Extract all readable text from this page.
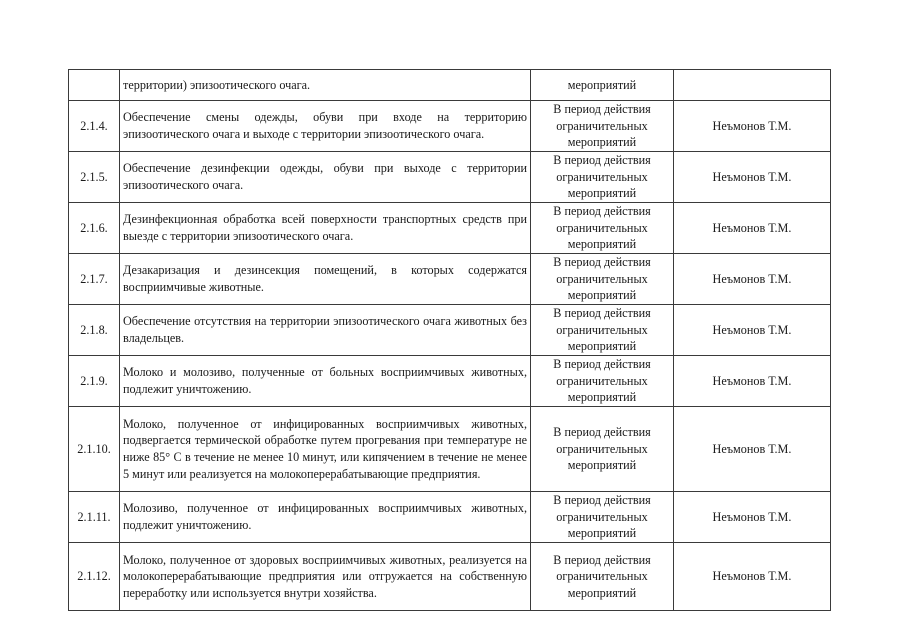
	территории) эпизоотического очага.	мероприятий	
2.1.4.	Обеспечение смены одежды, обуви при входе на территорию эпизоотического очага и выходе с территории эпизоотического очага.	В период действия ограничительных мероприятий	Неъмонов Т.М.
2.1.5.	Обеспечение дезинфекции одежды, обуви при выходе с территории эпизоотического очага.	В период действия ограничительных мероприятий	Неъмонов Т.М.
2.1.6.	Дезинфекционная обработка всей поверхности транспортных средств при выезде с территории эпизоотического очага.	В период действия ограничительных мероприятий	Неъмонов Т.М.
2.1.7.	Дезакаризация и дезинсекция помещений, в которых содержатся восприимчивые животные.	В период действия ограничительных мероприятий	Неъмонов Т.М.
2.1.8.	Обеспечение отсутствия на территории эпизоотического очага животных без владельцев.	В период действия ограничительных мероприятий	Неъмонов Т.М.
2.1.9.	Молоко и молозиво, полученные от больных восприимчивых животных, подлежит уничтожению.	В период действия ограничительных мероприятий	Неъмонов Т.М.
2.1.10.	Молоко, полученное от инфицированных восприимчивых животных, подвергается термической обработке путем прогревания при температуре не ниже 85° С в течение не менее 10 минут, или кипячением в течение не менее 5 минут или реализуется на молокоперерабатывающие предприятия.	В период действия ограничительных мероприятий	Неъмонов Т.М.
2.1.11.	Молозиво, полученное от инфицированных восприимчивых животных, подлежит уничтожению.	В период действия ограничительных мероприятий	Неъмонов Т.М.
2.1.12.	Молоко, полученное от здоровых восприимчивых животных, реализуется на молокоперерабатывающие предприятия или отгружается на собственную переработку или используется внутри хозяйства.	В период действия ограничительных мероприятий	Неъмонов Т.М.
